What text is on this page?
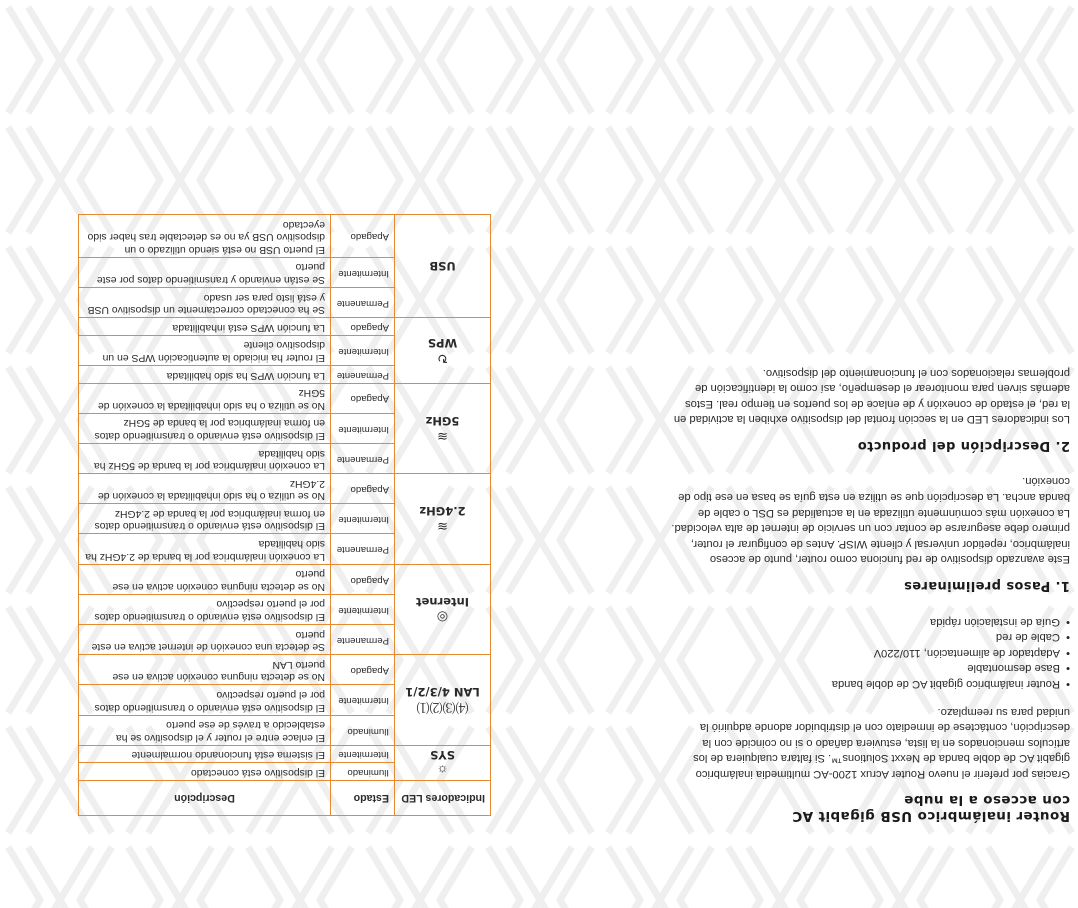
Router inalámbrico USB gigabit AC
con acceso a la nube

Gracias por preferir el nuevo Router Acrux 1200-AC multimedia inalámbrico gigabit AC de doble banda de Nexxt Solutions™. Si faltara cualquiera de los artículos mencionados en la lista, estuviera dañado o si no coincide con la descripción, contáctese de inmediato con el distribuidor adonde adquirió la unidad para su reemplazo.

• Router inalámbrico gigabit AC de doble banda
• Base desmontable
• Adaptador de alimentación, 110/220V
• Cable de red
• Guía de instalación rápida
1. Pasos preliminares

Este avanzado dispositivo de red funciona como router, punto de acceso inalámbrico, repetidor universal y cliente WISP. Antes de configurar el router, primero debe asegurarse de contar con un servicio de internet de alta velocidad. La conexión más comúnmente utilizada en la actualidad es DSL o cable de banda ancha. La descripción que se utiliza en esta guía se basa en ese tipo de conexión.

2. Descripción del producto

Los indicadores LED en la sección frontal del dispositivo exhiben la actividad en la red, el estado de conexión y de enlace de los puertos en tiempo real. Estos además sirven para monitorear el desempeño, así como la identificación de problemas relacionados con el funcionamiento del dispositivo.

Indicadores LED	Estado	Descripción

☼
SYS	Iluminado	El dispositivo está conectado
	Intermitente	El sistema está funcionando normalmente

⑷⑶⑵⑴
LAN 4/3/2/1	Iluminado	El enlace entre el router y el dispositivo se ha establecido a través de ese puerto
	Intermitente	El dispositivo está enviando o transmitiendo datos por el puerto respectivo
	Apagado	No se detecta ninguna conexión activa en ese puerto LAN

◎
Internet	Permanente	Se detecta una conexión de internet activa en este puerto
	Intermitente	El dispositivo está enviando o transmitiendo datos por el puerto respectivo
	Apagado	No se detecta ninguna conexión activa en ese puerto

≋
2.4GHz	Permanente	La conexión inalámbrica por la banda de 2.4GHz ha sido habilitada
	Intermitente	El dispositivo está enviando o transmitiendo datos en forma inalámbrica por la banda de 2.4GHz
	Apagado	No se utiliza o ha sido inhabilitada la conexión de 2.4GHz

≋
5GHz	Permanente	La conexión inalámbrica por la banda de 5GHz ha sido habilitada
	Intermitente	El dispositivo está enviando o transmitiendo datos en forma inalámbrica por la banda de 5GHz
	Apagado	No se utiliza o ha sido inhabilitada la conexión de 5GHz

↻
WPS	Permanente	La función WPS ha sido habilitada
	Intermitente	El router ha iniciado la autenticación WPS en un dispositivo cliente
	Apagado	La función WPS está inhabilitada

USB	Permanente	Se ha conectado correctamente un dispositivo USB y está listo para ser usado
	Intermitente	Se están enviando y transmitiendo datos por este puerto
	Apagado	El puerto USB no está siendo utilizado o un dispositivo USB ya no es detectable tras haber sido eyectado
